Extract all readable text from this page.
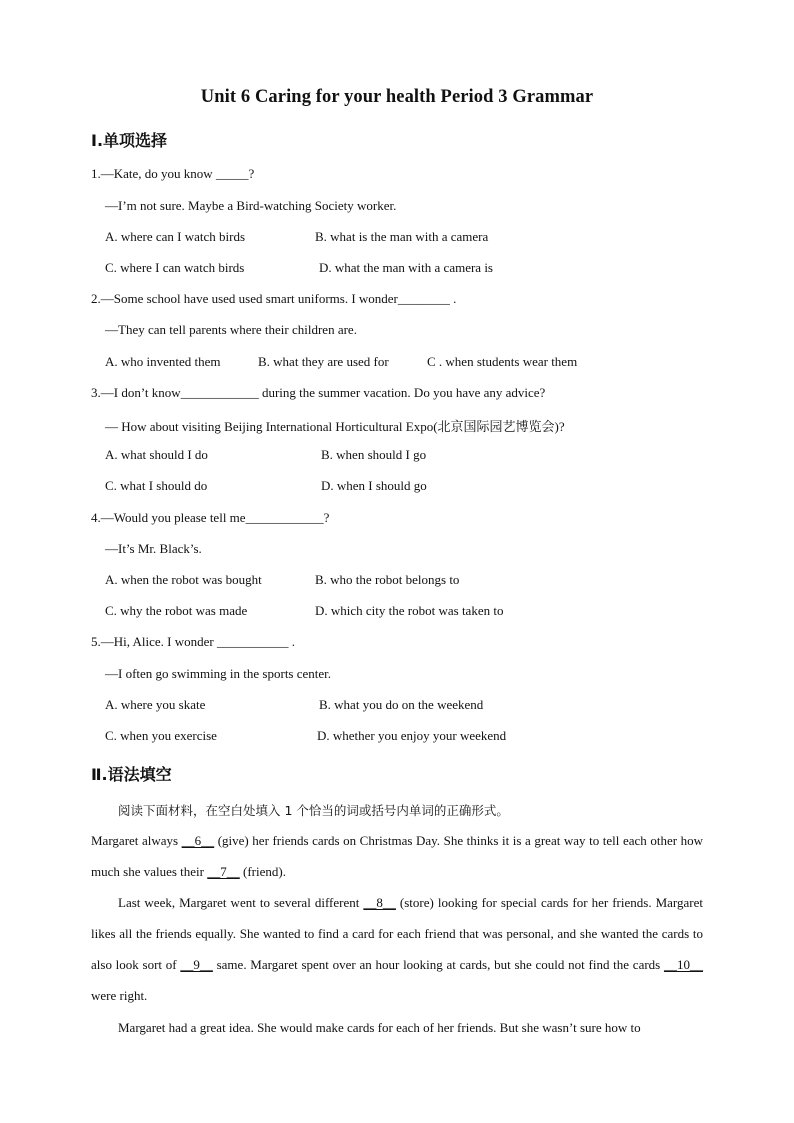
Unit 6 Caring for your health Period 3 Grammar
Ⅰ.单项选择
1.—Kate, do you know _____?
—I’m not sure. Maybe a Bird-watching Society worker.
A. where can I watch birds	B. what is the man with a camera
C. where I can watch birds	D. what the man with a camera is
2.—Some school have used used smart uniforms. I wonder________ .
—They can tell parents where their children are.
A. who invented them	B. what they are used for	C . when students wear them
3.—I don’t know____________ during the summer vacation. Do you have any advice?
— How about visiting Beijing International Horticultural Expo(北京国际园艺博览会)?
A. what should I do	B. when should I go
C. what I should do	D. when I should go
4.—Would you please tell me____________?
—It’s Mr. Black’s.
A. when the robot was bought	B. who the robot belongs to
C. why the robot was made	D. which city the robot was taken to
5.—Hi, Alice. I wonder ___________ .
—I often go swimming in the sports center.
A. where you skate	B. what you do on the weekend
C. when you exercise	D. whether you enjoy your weekend
Ⅱ.语法填空
阅读下面材料，在空白处填入 1 个恰当的词或括号内单词的正确形式。
Margaret always __6__ (give) her friends cards on Christmas Day. She thinks it is a great way to tell each other how much she values their __7__ (friend).
Last week, Margaret went to several different __8__ (store) looking for special cards for her friends. Margaret likes all the friends equally. She wanted to find a card for each friend that was personal, and she wanted the cards to also look sort of __9__ same. Margaret spent over an hour looking at cards, but she could not find the cards __10__ were right.
Margaret had a great idea. She would make cards for each of her friends. But she wasn’t sure how to
